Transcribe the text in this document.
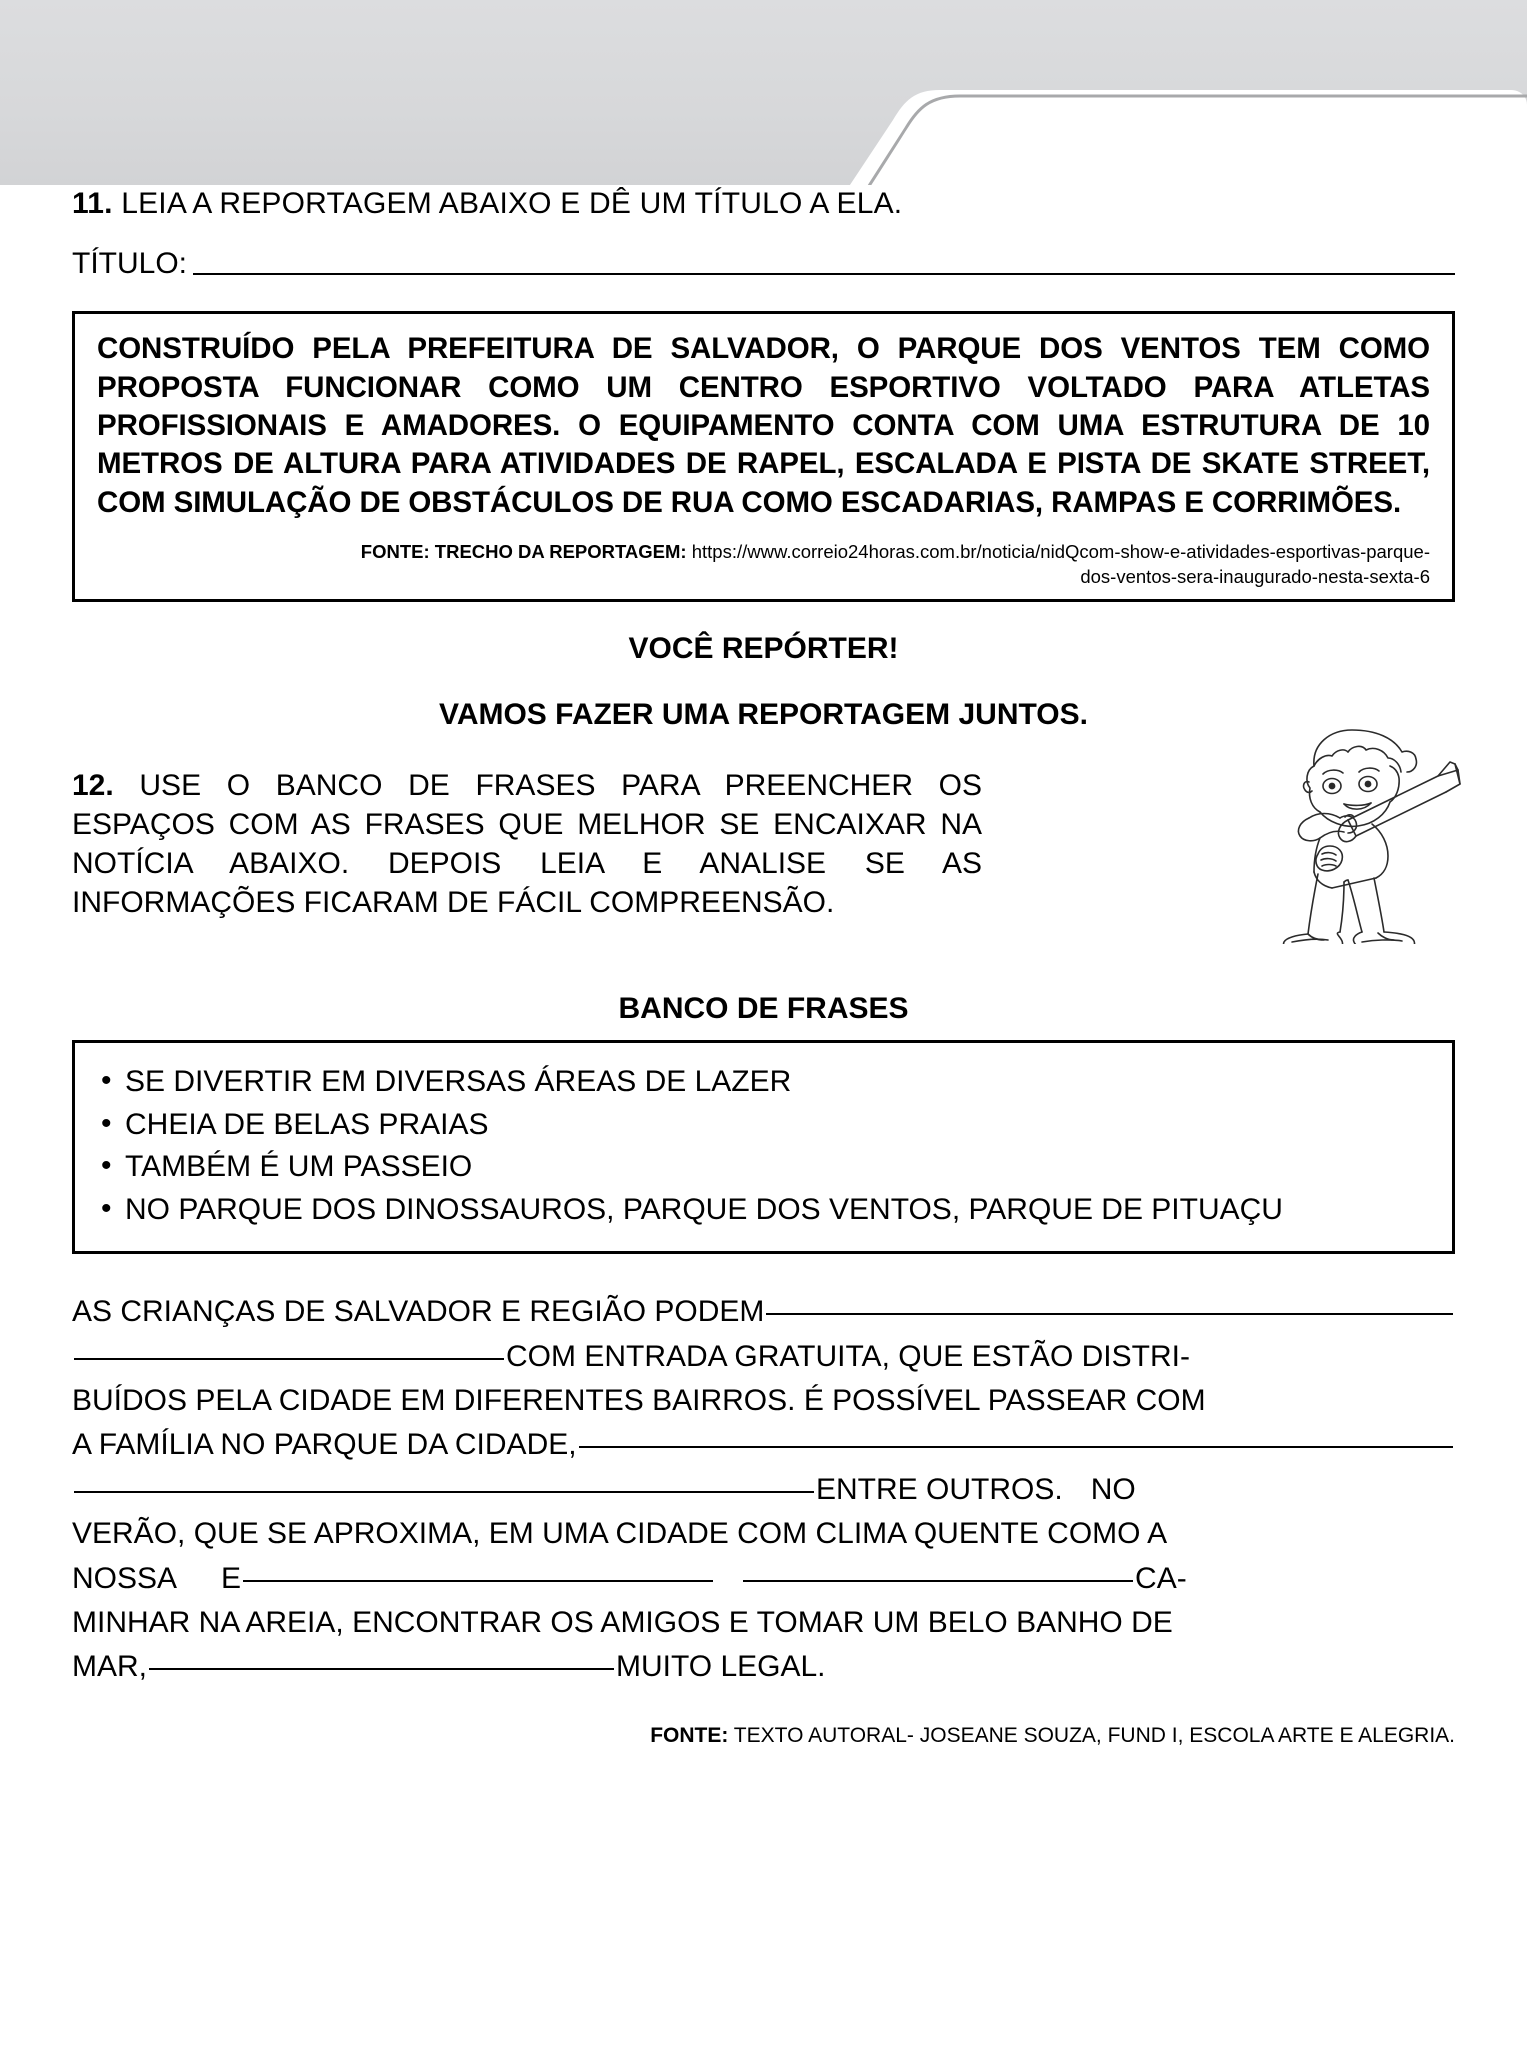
11. LEIA A REPORTAGEM ABAIXO E DÊ UM TÍTULO A ELA.
TÍTULO:

CONSTRUÍDO PELA PREFEITURA DE SALVADOR, O PARQUE DOS VENTOS TEM COMO PROPOSTA FUNCIONAR COMO UM CENTRO ESPORTIVO VOLTADO PARA ATLETAS PROFISSIONAIS E AMADORES. O EQUIPAMENTO CONTA COM UMA ESTRUTURA DE 10 METROS DE ALTURA PARA ATIVIDADES DE RAPEL, ESCALADA E PISTA DE SKATE STREET, COM SIMULAÇÃO DE OBSTÁCULOS DE RUA COMO ESCADARIAS, RAMPAS E CORRIMÕES.

FONTE: TRECHO DA REPORTAGEM: https://www.correio24horas.com.br/noticia/nidQcom-show-e-atividades-esportivas-parque-dos-ventos-sera-inaugurado-nesta-sexta-6
VOCÊ REPÓRTER!
VAMOS FAZER UMA REPORTAGEM JUNTOS.

12. USE O BANCO DE FRASES PARA PREENCHER OS ESPAÇOS COM AS FRASES QUE MELHOR SE ENCAIXAR NA NOTÍCIA ABAIXO. DEPOIS LEIA E ANALISE SE AS INFORMAÇÕES FICARAM DE FÁCIL COMPREENSÃO.

BANCO DE FRASES
• SE DIVERTIR EM DIVERSAS ÁREAS DE LAZER
• CHEIA DE BELAS PRAIAS
• TAMBÉM É UM PASSEIO
• NO PARQUE DOS DINOSSAUROS, PARQUE DOS VENTOS, PARQUE DE PITUAÇU
AS CRIANÇAS DE SALVADOR E REGIÃO PODEM
COM ENTRADA GRATUITA, QUE ESTÃO DISTRI-
BUÍDOS PELA CIDADE EM DIFERENTES BAIRROS. É POSSÍVEL PASSEAR COM
A FAMÍLIA NO PARQUE DA CIDADE,
ENTRE OUTROS. NO
VERÃO, QUE SE APROXIMA, EM UMA CIDADE COM CLIMA QUENTE COMO A
NOSSA E	CA-
MINHAR NA AREIA, ENCONTRAR OS AMIGOS E TOMAR UM BELO BANHO DE
MAR,	MUITO LEGAL.
FONTE: TEXTO AUTORAL- JOSEANE SOUZA, FUND I, ESCOLA ARTE E ALEGRIA.
